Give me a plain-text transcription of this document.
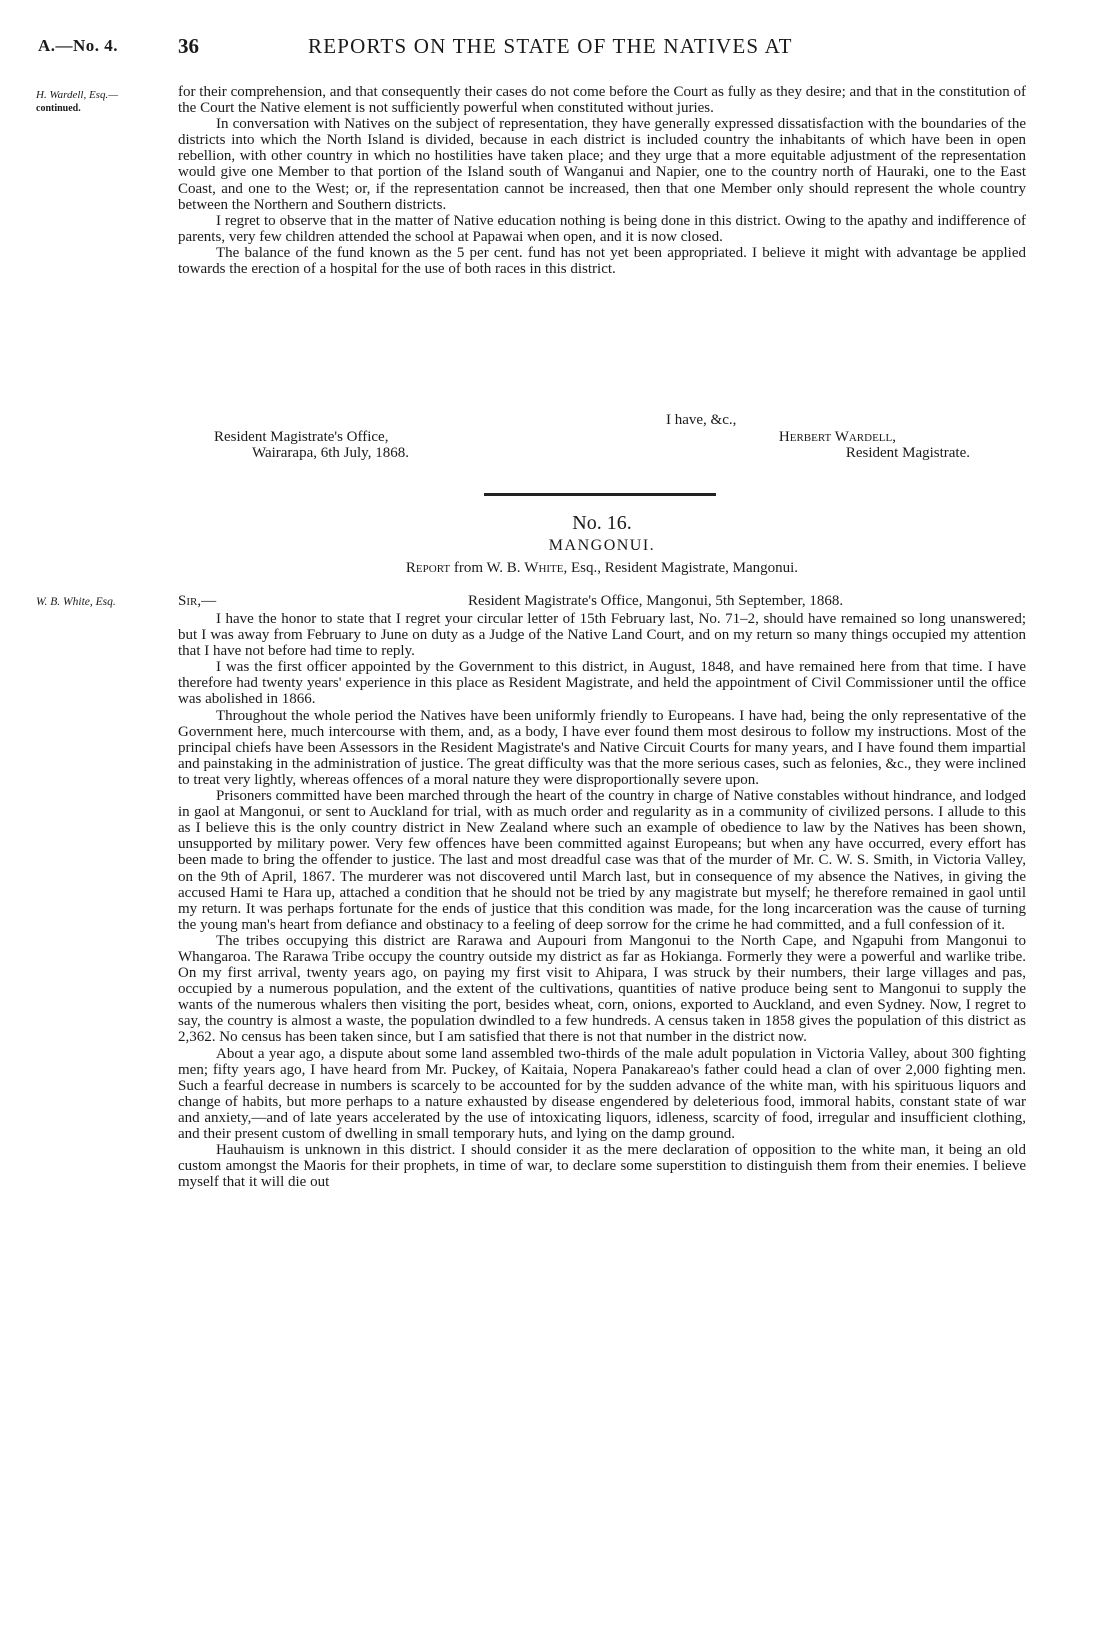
A.—No. 4.	36	REPORTS ON THE STATE OF THE NATIVES AT
H. Wardell, Esq.—
continued.

for their comprehension, and that consequently their cases do not come before the Court as fully as they desire; and that in the constitution of the Court the Native element is not sufficiently powerful when constituted without juries.

In conversation with Natives on the subject of representation, they have generally expressed dissatisfaction with the boundaries of the districts into which the North Island is divided, because in each district is included country the inhabitants of which have been in open rebellion, with other country in which no hostilities have taken place; and they urge that a more equitable adjustment of the representation would give one Member to that portion of the Island south of Wanganui and Napier, one to the country north of Hauraki, one to the East Coast, and one to the West; or, if the representation cannot be increased, then that one Member only should represent the whole country between the Northern and Southern districts.

I regret to observe that in the matter of Native education nothing is being done in this district. Owing to the apathy and indifference of parents, very few children attended the school at Papawai when open, and it is now closed.

The balance of the fund known as the 5 per cent. fund has not yet been appropriated. I believe it might with advantage be applied towards the erection of a hospital for the use of both races in this district.

I have, &c.,
Resident Magistrate's Office,
Wairarapa, 6th July, 1868.
Herbert Wardell,
Resident Magistrate.
No. 16.
MANGONUI.
Report from W. B. White, Esq., Resident Magistrate, Mangonui.
W. B. White, Esq.	Sir,—	Resident Magistrate's Office, Mangonui, 5th September, 1868.

I have the honor to state that I regret your circular letter of 15th February last, No. 71–2, should have remained so long unanswered; but I was away from February to June on duty as a Judge of the Native Land Court, and on my return so many things occupied my attention that I have not before had time to reply.

I was the first officer appointed by the Government to this district, in August, 1848, and have remained here from that time. I have therefore had twenty years' experience in this place as Resident Magistrate, and held the appointment of Civil Commissioner until the office was abolished in 1866.

Throughout the whole period the Natives have been uniformly friendly to Europeans. I have had, being the only representative of the Government here, much intercourse with them, and, as a body, I have ever found them most desirous to follow my instructions. Most of the principal chiefs have been Assessors in the Resident Magistrate's and Native Circuit Courts for many years, and I have found them impartial and painstaking in the administration of justice. The great difficulty was that the more serious cases, such as felonies, &c., they were inclined to treat very lightly, whereas offences of a moral nature they were disproportionally severe upon.

Prisoners committed have been marched through the heart of the country in charge of Native constables without hindrance, and lodged in gaol at Mangonui, or sent to Auckland for trial, with as much order and regularity as in a community of civilized persons. I allude to this as I believe this is the only country district in New Zealand where such an example of obedience to law by the Natives has been shown, unsupported by military power. Very few offences have been committed against Europeans; but when any have occurred, every effort has been made to bring the offender to justice. The last and most dreadful case was that of the murder of Mr. C. W. S. Smith, in Victoria Valley, on the 9th of April, 1867. The murderer was not discovered until March last, but in consequence of my absence the Natives, in giving the accused Hami te Hara up, attached a condition that he should not be tried by any magistrate but myself; he therefore remained in gaol until my return. It was perhaps fortunate for the ends of justice that this condition was made, for the long incarceration was the cause of turning the young man's heart from defiance and obstinacy to a feeling of deep sorrow for the crime he had committed, and a full confession of it.

The tribes occupying this district are Rarawa and Aupouri from Mangonui to the North Cape, and Ngapuhi from Mangonui to Whangaroa. The Rarawa Tribe occupy the country outside my district as far as Hokianga. Formerly they were a powerful and warlike tribe. On my first arrival, twenty years ago, on paying my first visit to Ahipara, I was struck by their numbers, their large villages and pas, occupied by a numerous population, and the extent of the cultivations, quantities of native produce being sent to Mangonui to supply the wants of the numerous whalers then visiting the port, besides wheat, corn, onions, exported to Auckland, and even Sydney. Now, I regret to say, the country is almost a waste, the population dwindled to a few hundreds. A census taken in 1858 gives the population of this district as 2,362. No census has been taken since, but I am satisfied that there is not that number in the district now.

About a year ago, a dispute about some land assembled two-thirds of the male adult population in Victoria Valley, about 300 fighting men; fifty years ago, I have heard from Mr. Puckey, of Kaitaia, Nopera Panakareao's father could head a clan of over 2,000 fighting men. Such a fearful decrease in numbers is scarcely to be accounted for by the sudden advance of the white man, with his spirituous liquors and change of habits, but more perhaps to a nature exhausted by disease engendered by deleterious food, immoral habits, constant state of war and anxiety,—and of late years accelerated by the use of intoxicating liquors, idleness, scarcity of food, irregular and insufficient clothing, and their present custom of dwelling in small temporary huts, and lying on the damp ground.

Hauhauism is unknown in this district. I should consider it as the mere declaration of opposition to the white man, it being an old custom amongst the Maoris for their prophets, in time of war, to declare some superstition to distinguish them from their enemies. I believe myself that it will die out
